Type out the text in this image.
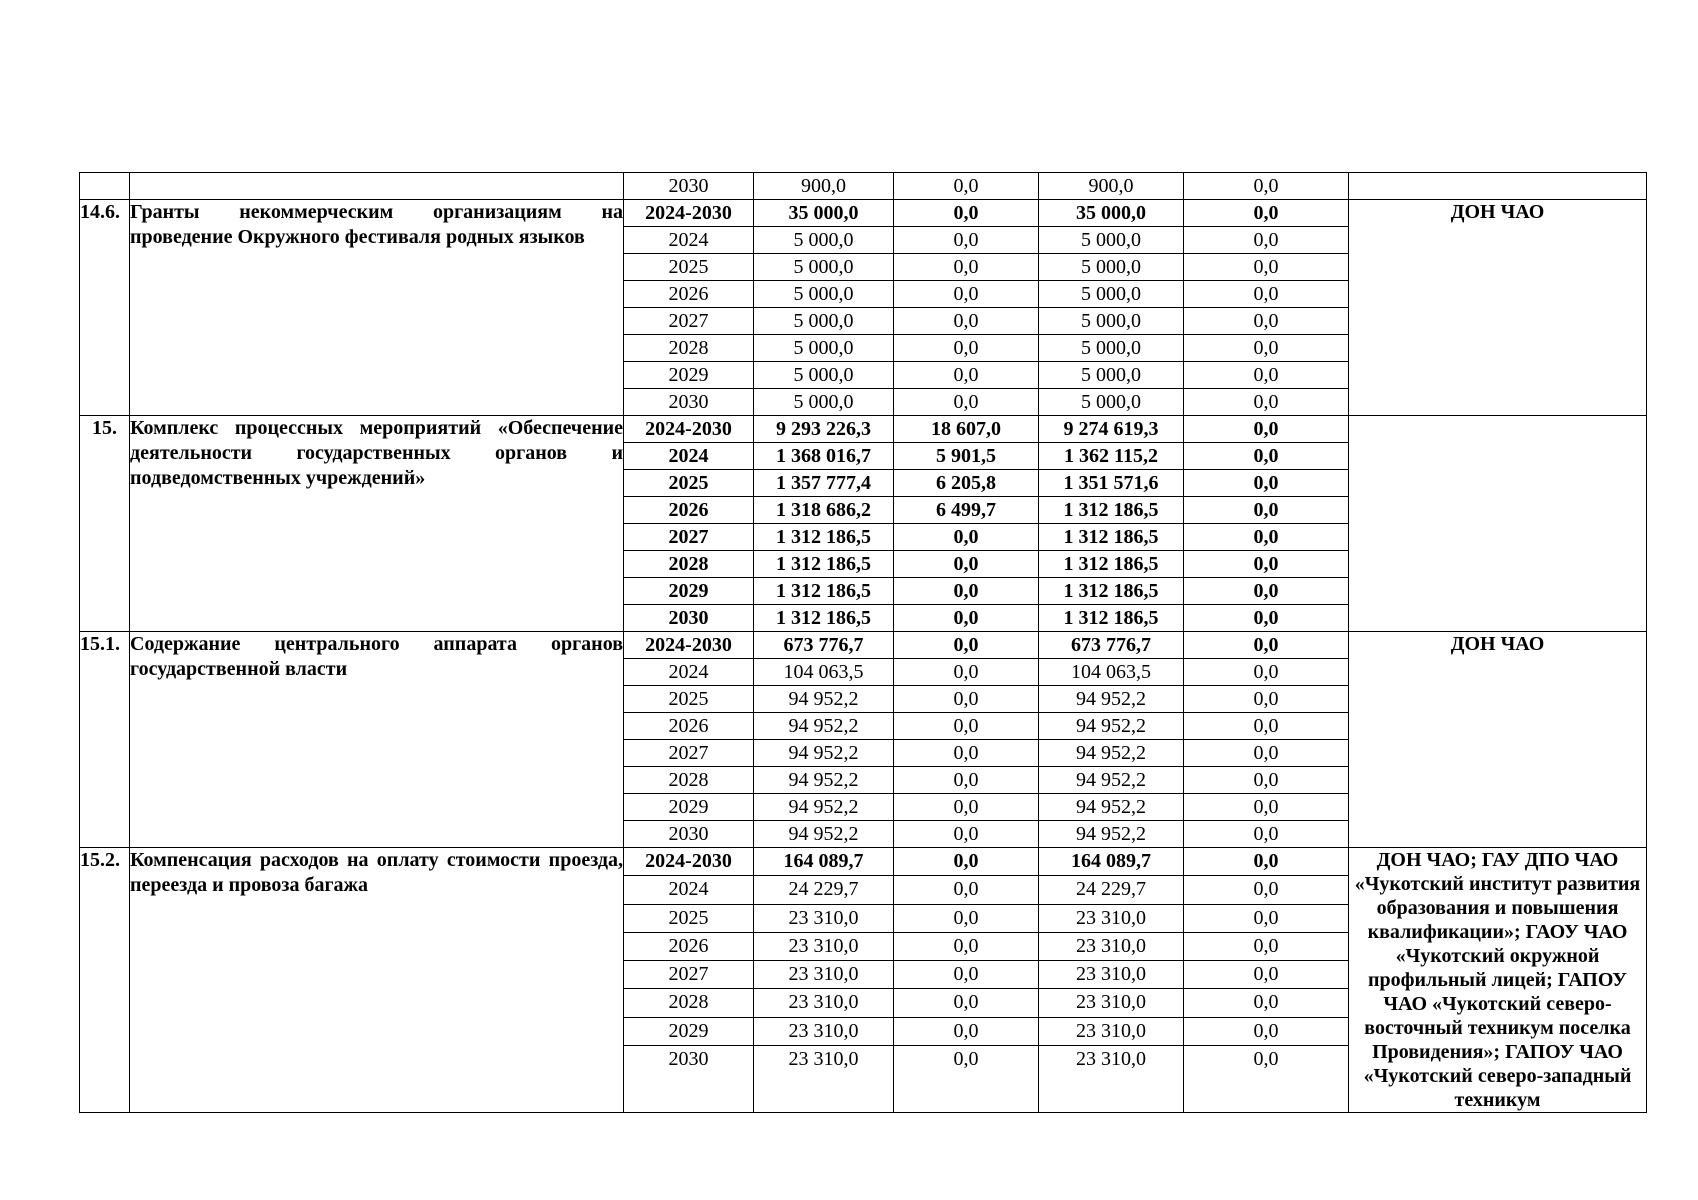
		2030	900,0	0,0	900,0	0,0	
14.6.	Гранты некоммерческим организациям на проведение Окружного фестиваля родных языков	2024-2030	35 000,0	0,0	35 000,0	0,0	ДОН ЧАО
		2024	5 000,0	0,0	5 000,0	0,0	
		2025	5 000,0	0,0	5 000,0	0,0	
		2026	5 000,0	0,0	5 000,0	0,0	
		2027	5 000,0	0,0	5 000,0	0,0	
		2028	5 000,0	0,0	5 000,0	0,0	
		2029	5 000,0	0,0	5 000,0	0,0	
		2030	5 000,0	0,0	5 000,0	0,0	
15.	Комплекс процессных мероприятий «Обеспечение деятельности государственных органов и подведомственных учреждений»	2024-2030	9 293 226,3	18 607,0	9 274 619,3	0,0	
		2024	1 368 016,7	5 901,5	1 362 115,2	0,0	
		2025	1 357 777,4	6 205,8	1 351 571,6	0,0	
		2026	1 318 686,2	6 499,7	1 312 186,5	0,0	
		2027	1 312 186,5	0,0	1 312 186,5	0,0	
		2028	1 312 186,5	0,0	1 312 186,5	0,0	
		2029	1 312 186,5	0,0	1 312 186,5	0,0	
		2030	1 312 186,5	0,0	1 312 186,5	0,0	
15.1.	Содержание центрального аппарата органов государственной власти	2024-2030	673 776,7	0,0	673 776,7	0,0	ДОН ЧАО
		2024	104 063,5	0,0	104 063,5	0,0	
		2025	94 952,2	0,0	94 952,2	0,0	
		2026	94 952,2	0,0	94 952,2	0,0	
		2027	94 952,2	0,0	94 952,2	0,0	
		2028	94 952,2	0,0	94 952,2	0,0	
		2029	94 952,2	0,0	94 952,2	0,0	
		2030	94 952,2	0,0	94 952,2	0,0	
15.2.	Компенсация расходов на оплату стоимости проезда, переезда и провоза багажа	2024-2030	164 089,7	0,0	164 089,7	0,0	ДОН ЧАО; ГАУ ДПО ЧАО «Чукотский институт развития образования и повышения квалификации»; ГАОУ ЧАО «Чукотский окружной профильный лицей; ГАПОУ ЧАО «Чукотский северо-восточный техникум поселка Провидения»; ГАПОУ ЧАО «Чукотский северо-западный техникум
		2024	24 229,7	0,0	24 229,7	0,0	
		2025	23 310,0	0,0	23 310,0	0,0	
		2026	23 310,0	0,0	23 310,0	0,0	
		2027	23 310,0	0,0	23 310,0	0,0	
		2028	23 310,0	0,0	23 310,0	0,0	
		2029	23 310,0	0,0	23 310,0	0,0	
		2030	23 310,0	0,0	23 310,0	0,0	
